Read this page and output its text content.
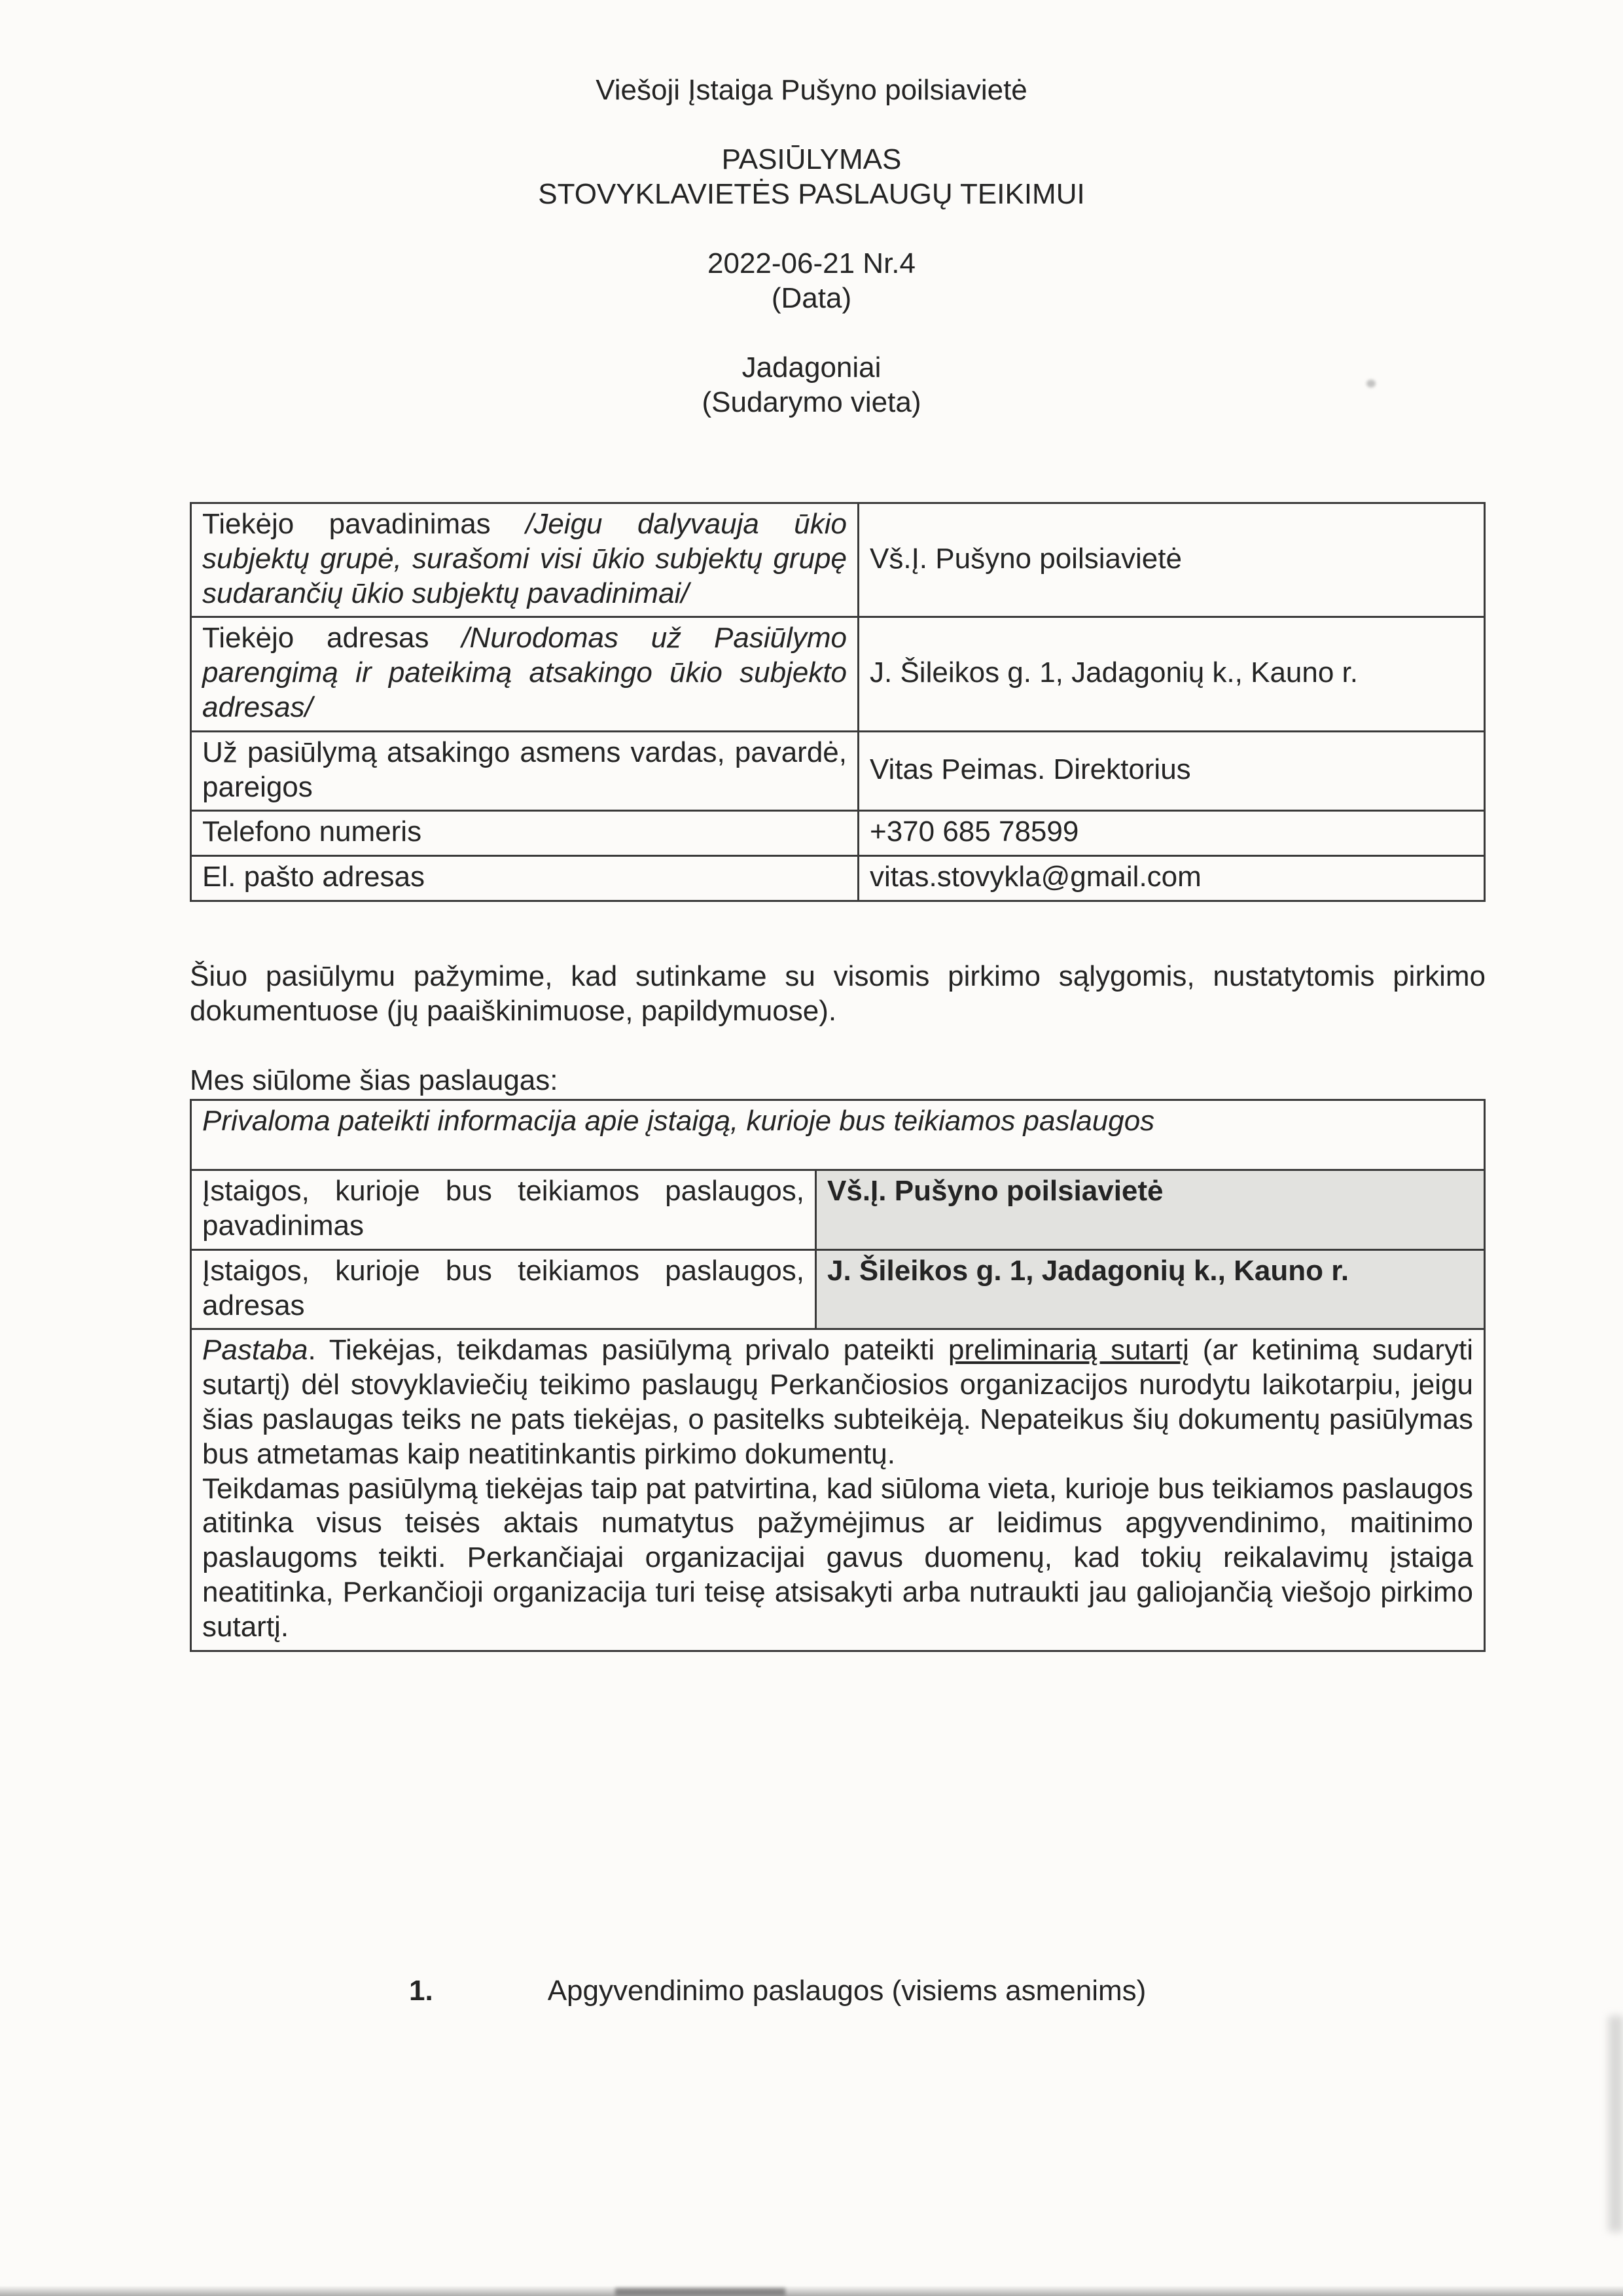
Viešoji Įstaiga Pušyno poilsiavietė
PASIŪLYMAS
STOVYKLAVIETĖS PASLAUGŲ TEIKIMUI
2022-06-21 Nr.4
(Data)
Jadagoniai
(Sudarymo vieta)
Tiekėjo pavadinimas /Jeigu dalyvauja ūkio subjektų grupė, surašomi visi ūkio subjektų grupę sudarančių ūkio subjektų pavadinimai/	Vš.Į. Pušyno poilsiavietė
Tiekėjo adresas /Nurodomas už Pasiūlymo parengimą ir pateikimą atsakingo ūkio subjekto adresas/	J. Šileikos g. 1, Jadagonių k., Kauno r.
Už pasiūlymą atsakingo asmens vardas, pavardė, pareigos	Vitas Peimas. Direktorius
Telefono numeris	+370 685 78599
El. pašto adresas	vitas.stovykla@gmail.com

Šiuo pasiūlymu pažymime, kad sutinkame su visomis pirkimo sąlygomis, nustatytomis pirkimo dokumentuose (jų paaiškinimuose, papildymuose).

Mes siūlome šias paslaugas:

Privaloma pateikti informacija apie įstaigą, kurioje bus teikiamos paslaugos	
Įstaigos, kurioje bus teikiamos paslaugos, pavadinimas	Vš.Į. Pušyno poilsiavietė
Įstaigos, kurioje bus teikiamos paslaugos, adresas	J. Šileikos g. 1, Jadagonių k., Kauno r.

Pastaba. Tiekėjas, teikdamas pasiūlymą privalo pateikti preliminarią sutartį (ar ketinimą sudaryti sutartį) dėl stovyklaviečių teikimo paslaugų Perkančiosios organizacijos nurodytu laikotarpiu, jeigu šias paslaugas teiks ne pats tiekėjas, o pasitelks subteikėją. Nepateikus šių dokumentų pasiūlymas bus atmetamas kaip neatitinkantis pirkimo dokumentų.

Teikdamas pasiūlymą tiekėjas taip pat patvirtina, kad siūloma vieta, kurioje bus teikiamos paslaugos atitinka visus teisės aktais numatytus pažymėjimus ar leidimus apgyvendinimo, maitinimo paslaugoms teikti. Perkančiajai organizacijai gavus duomenų, kad tokių reikalavimų įstaiga neatitinka, Perkančioji organizacija turi teisę atsisakyti arba nutraukti jau galiojančią viešojo pirkimo sutartį.	

1.	Apgyvendinimo paslaugos (visiems asmenims)
